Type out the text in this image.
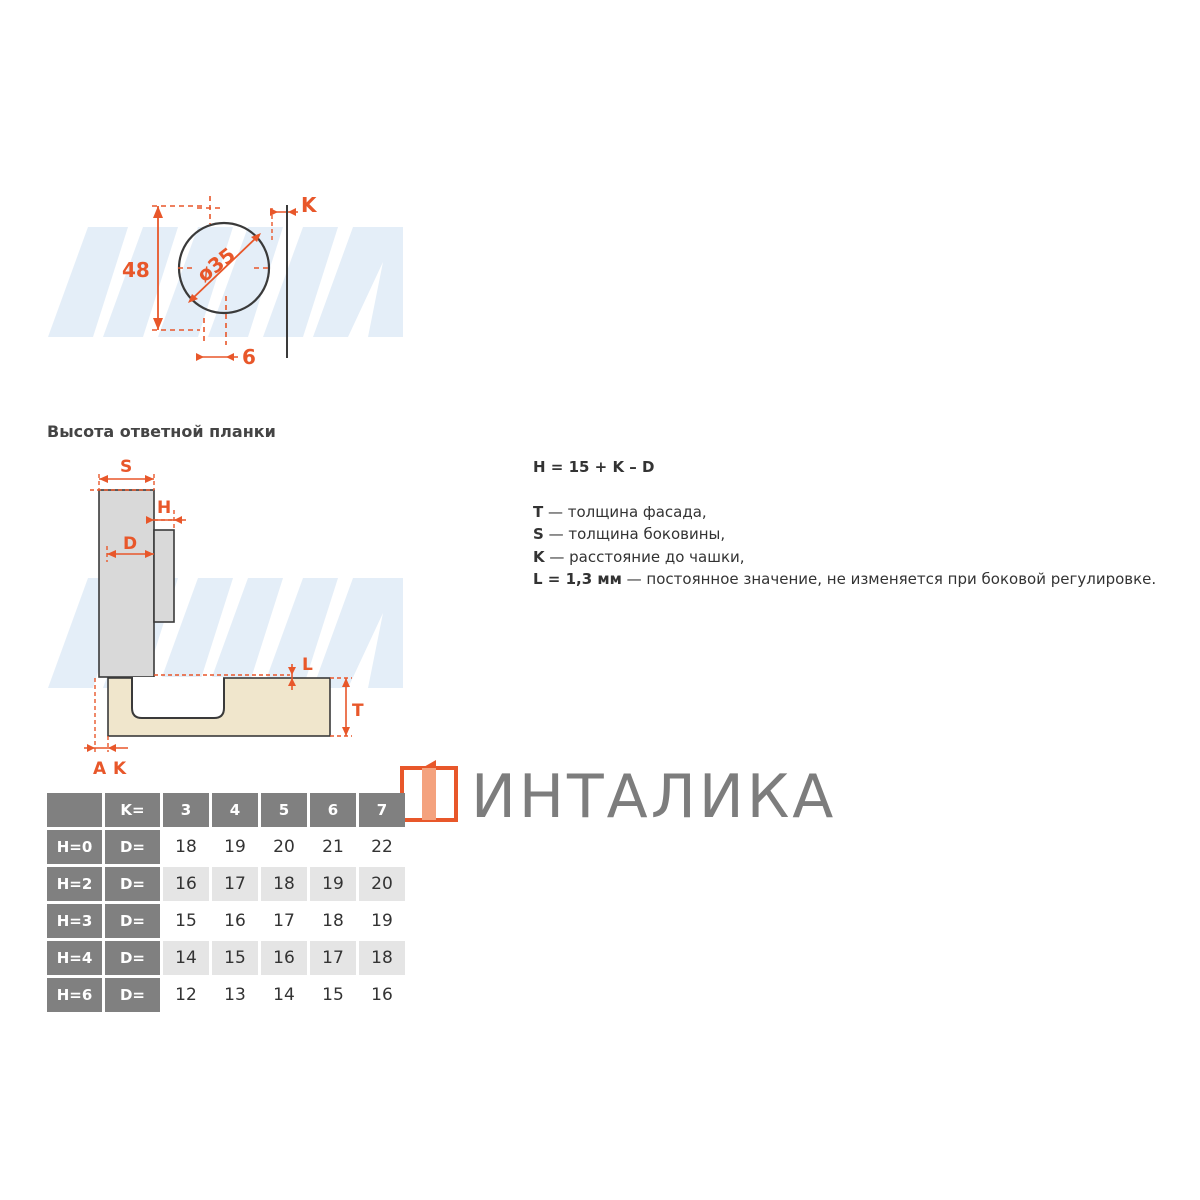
48 ø35
6
K
Высота ответной планки
S
H
D
L
T
A K
H = 15 + K – D
T — толщина фасада,
S — толщина боковины,
K — расстояние до чашки,
L = 1,3 мм — постоянное значение, не изменяется при боковой регулировке.
ИНТАЛИКА
	K=	3	4	5	6	7
H=0	D=	18	19	20	21	22
H=2	D=	16	17	18	19	20
H=3	D=	15	16	17	18	19
H=4	D=	14	15	16	17	18
H=6	D=	12	13	14	15	16
